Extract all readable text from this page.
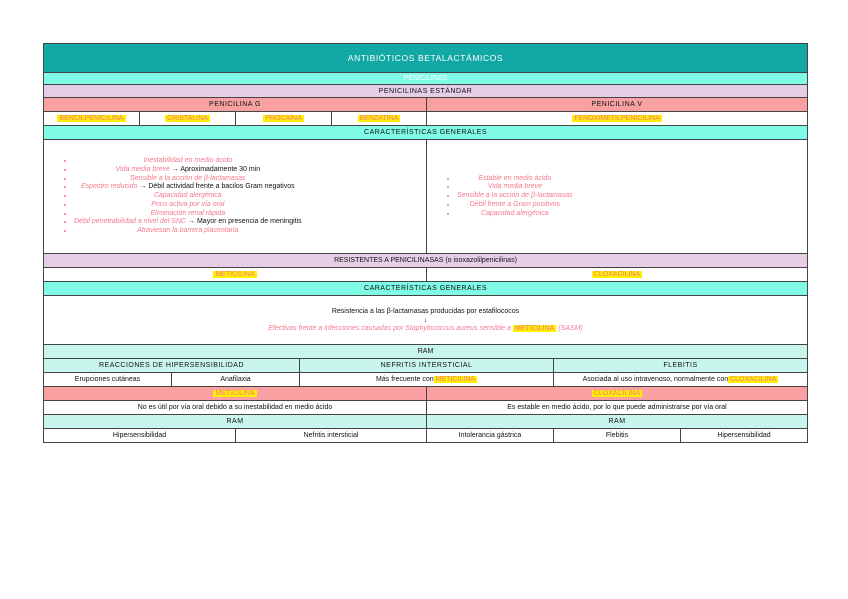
ANTIBIÓTICOS BETALACTÁMICOS
PENICILINAS
PENICILINAS ESTÁNDAR
PENICILINA G	PENICILINA V
BENCILPENICILINA	CRISTALINA	PROCAÍNA	BENZATINA	FENOXIMETILPENICILINA
CARACTERÍSTICAS GENERALES
• Inestabilidad en medio ácido
• Vida media breve → Aproximadamente 30 min
• Sensible a la acción de β-lactamasas
• Espectro reducido → Débil actividad frente a bacilos Gram negativos
• Capacidad alergénica
• Poco activa por vía oral
• Eliminación renal rápida
• Débil penetrabilidad a nivel del SNC → Mayor en presencia de meningitis
• Atraviesan la barrera placentaria
• Estable en medio ácido
• Vida media breve
• Sensible a la acción de β-lactamasas
• Débil frente a Gram positivos
• Capacidad alergénica
RESISTENTES A PENICILINASAS (o isoxazolilpenicilinas)
METICILINA	CLOXACILINA
CARACTERÍSTICAS GENERALES
Resistencia a las β-lactamasas producidas por estafilococos
↓
Efectivas frente a infecciones causadas por Staphylococcus aureus sensible a METICILINA (SASM)
RAM
REACCIONES DE HIPERSENSIBILIDAD	NEFRITIS INTERSTICIAL	FLEBITIS
Erupciones cutáneas	Anafilaxia	Más frecuente con METICILINA	Asociada al uso intravenoso, normalmente con CLOXACILINA
METICILINA	CLOXACILINA
No es útil por vía oral debido a su inestabilidad en medio ácido	Es estable en medio ácido, por lo que puede administrarse por vía oral
RAM	RAM
Hipersensibilidad	Nefritis intersticial	Intolerancia gástrica	Flebitis	Hipersensibilidad
